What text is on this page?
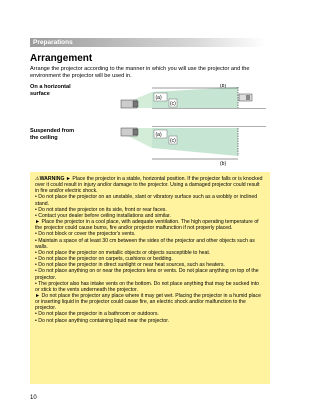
Preparations
Arrangement
Arrange the projector according to the manner in which you will use the projector and the environment the projector will be used in.
On a horizontal
surface
(a)
(c)
(b)
Suspended from
the ceiling	(a)
(c)
(b)

⚠WARNING ► Place the projector in a stable, horizontal position. If the projector falls or is knocked over it could result in injury and/or damage to the projector. Using a damaged projector could result in fire and/or electric shock.

• Do not place the projector on an unstable, slant or vibratory surface such as a wobbly or inclined stand.

• Do not stand the projector on its side, front or rear faces.

• Contact your dealer before ceiling installations and similar.

► Place the projector in a cool place, with adequate ventilation. The high operating temperature of the projector could cause burns, fire and/or projector malfunction if not properly placed.

• Do not block or cover the projector's vents.

• Maintain a space of at least 30 cm between the sides of the projector and other objects such as walls.

• Do not place the projector on metallic objects or objects susceptible to heat.

• Do not place the projector on carpets, cushions or bedding.

• Do not place the projector in direct sunlight or near heat sources, such as heaters.

• Do not place anything on or near the projectors lens or vents. Do not place anything on top of the projector.

• The projector also has intake vents on the bottom. Do not place anything that may be sucked into or stick to the vents underneath the projector.

► Do not place the projector any place where it may get wet. Placing the projector in a humid place or inserting liquid in the projector could cause fire, an electric shock and/or malfunction to the projector.

• Do not place the projector in a bathroom or outdoors.

• Do not place anything containing liquid near the projector.

10
